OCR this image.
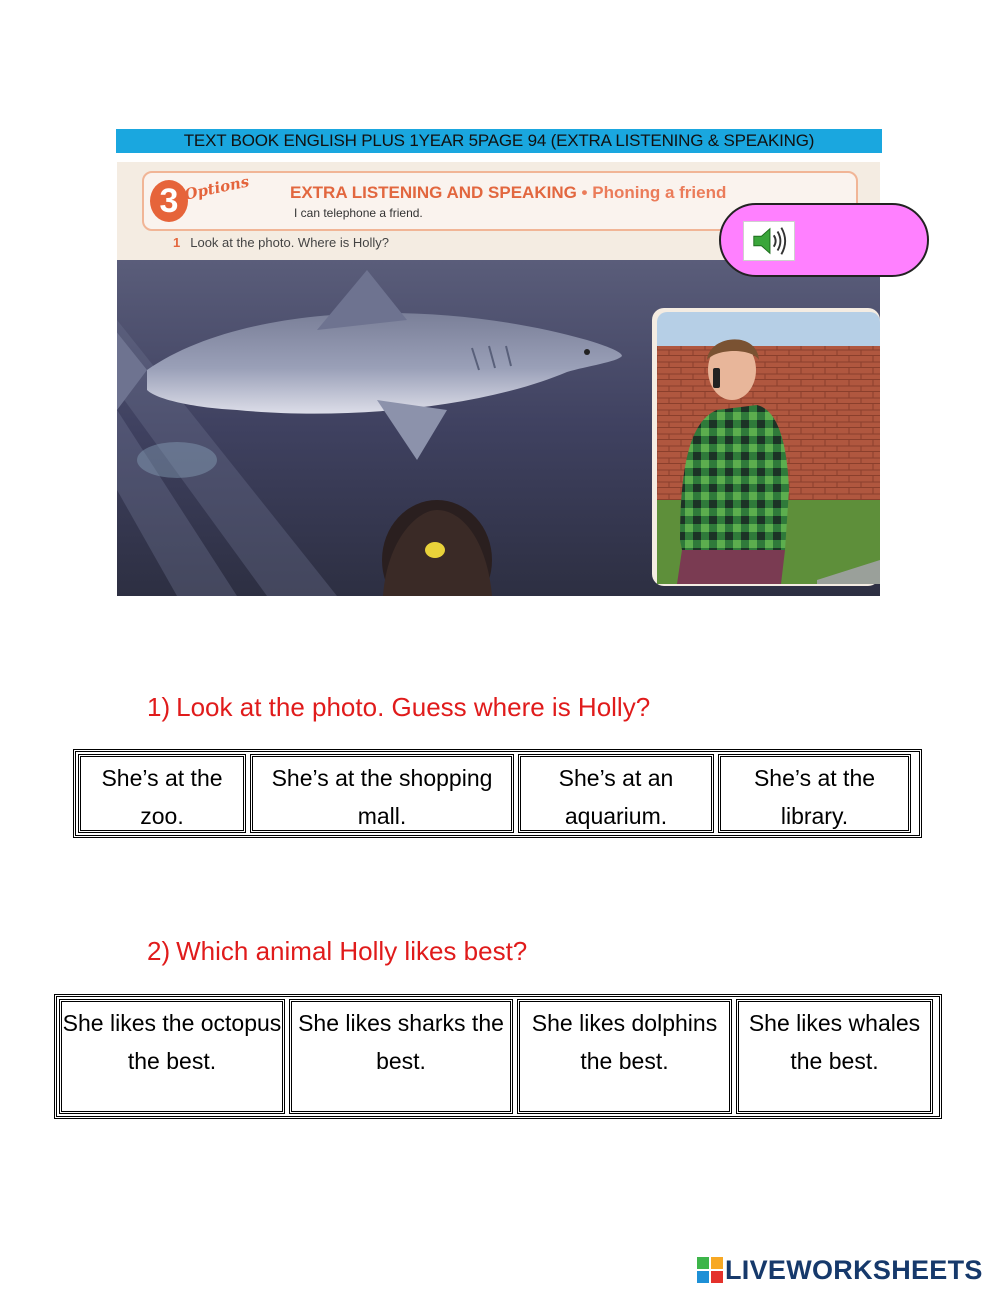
TEXT BOOK ENGLISH PLUS 1YEAR 5PAGE 94 (EXTRA LISTENING & SPEAKING)
3 Options EXTRA LISTENING AND SPEAKING • Phoning a friend
I can telephone a friend.
1 Look at the photo. Where is Holly?
1) Look at the photo. Guess where is Holly?
She’s at the zoo.
She’s at the shopping mall.
She’s at an aquarium.
She’s at the library.
2) Which animal Holly likes best?
She likes the octopus the best.
She likes sharks the best.
She likes dolphins the best.
She likes whales the best.
LIVEWORKSHEETS
